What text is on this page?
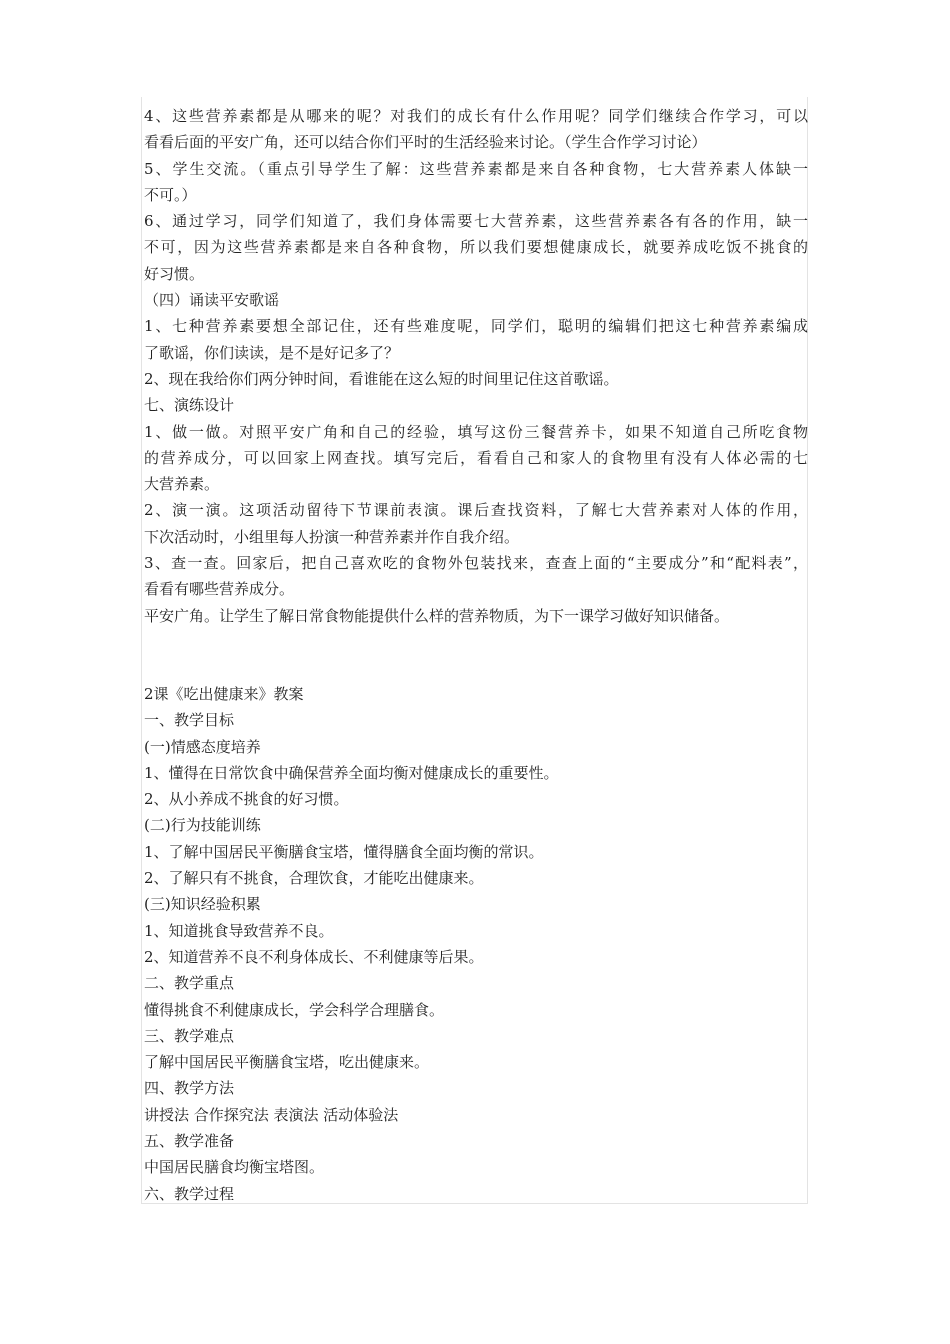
4、这些营养素都是从哪来的呢？对我们的成长有什么作用呢？同学们继续合作学习，可以
看看后面的平安广角，还可以结合你们平时的生活经验来讨论。（学生合作学习讨论）
5、学生交流。（重点引导学生了解：这些营养素都是来自各种食物，七大营养素人体缺一
不可。）
6、通过学习，同学们知道了，我们身体需要七大营养素，这些营养素各有各的作用，缺一
不可，因为这些营养素都是来自各种食物，所以我们要想健康成长，就要养成吃饭不挑食的
好习惯。
（四）诵读平安歌谣
1、七种营养素要想全部记住，还有些难度呢，同学们，聪明的编辑们把这七种营养素编成
了歌谣，你们读读，是不是好记多了？
2、现在我给你们两分钟时间，看谁能在这么短的时间里记住这首歌谣。
七、演练设计
1、做一做。对照平安广角和自己的经验，填写这份三餐营养卡，如果不知道自己所吃食物
的营养成分，可以回家上网查找。填写完后，看看自己和家人的食物里有没有人体必需的七
大营养素。
2、演一演。这项活动留待下节课前表演。课后查找资料，了解七大营养素对人体的作用，
下次活动时，小组里每人扮演一种营养素并作自我介绍。
3、查一查。回家后，把自己喜欢吃的食物外包装找来，查查上面的“主要成分”和“配料表”，
看看有哪些营养成分。
平安广角。让学生了解日常食物能提供什么样的营养物质，为下一课学习做好知识储备。
2课《吃出健康来》教案
一、教学目标
(一)情感态度培养
1、懂得在日常饮食中确保营养全面均衡对健康成长的重要性。
2、从小养成不挑食的好习惯。
(二)行为技能训练
1、了解中国居民平衡膳食宝塔，懂得膳食全面均衡的常识。
2、了解只有不挑食，合理饮食，才能吃出健康来。
(三)知识经验积累
1、知道挑食导致营养不良。
2、知道营养不良不利身体成长、不利健康等后果。
二、教学重点
懂得挑食不利健康成长，学会科学合理膳食。
三、教学难点
了解中国居民平衡膳食宝塔，吃出健康来。
四、教学方法
讲授法 合作探究法 表演法 活动体验法
五、教学准备
中国居民膳食均衡宝塔图。
六、教学过程
